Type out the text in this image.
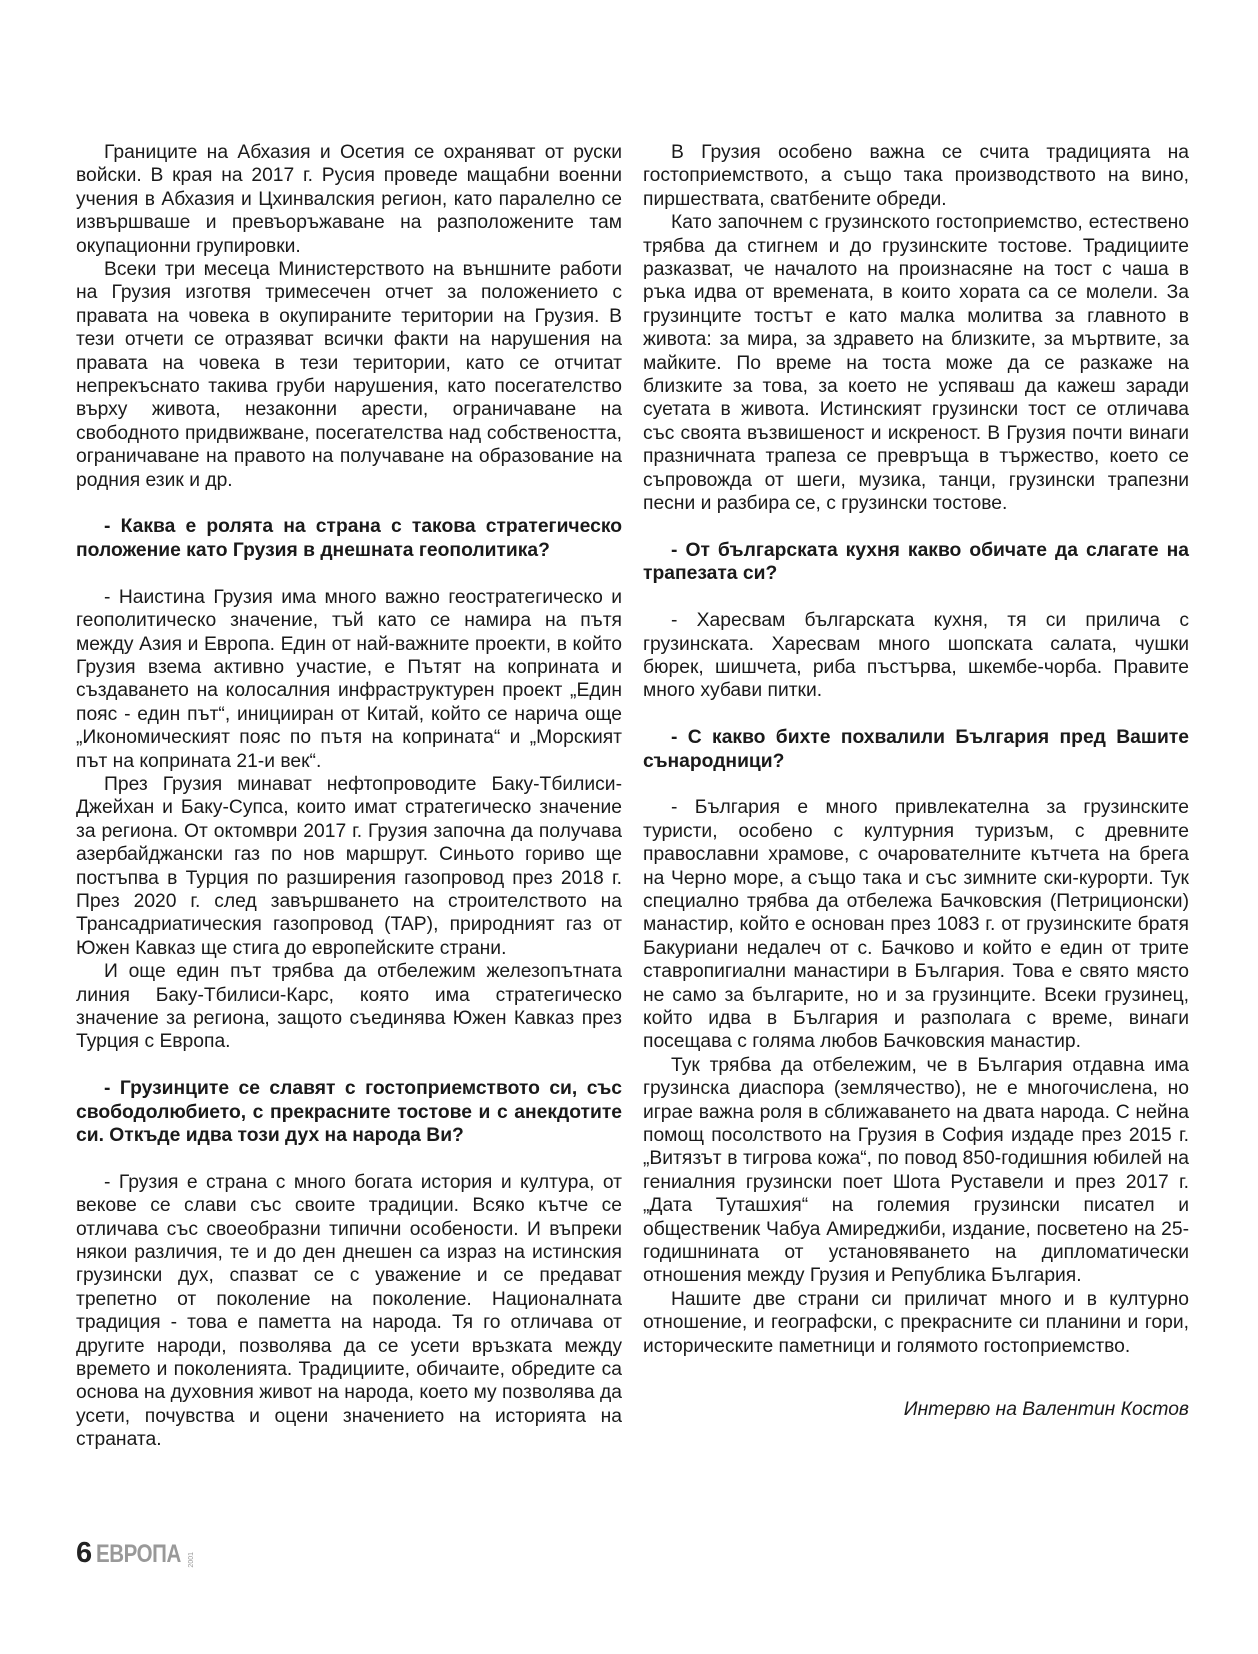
Границите на Абхазия и Осетия се охраняват от руски войски. В края на 2017 г. Русия проведе мащабни военни учения в Абхазия и Цхинвалския регион, като паралелно се извършваше и превъоръжаване на разположените там окупационни групировки.

Всеки три месеца Министерството на външните работи на Грузия изготвя тримесечен отчет за положението с правата на човека в окупираните територии на Грузия. В тези отчети се отразяват всички факти на нарушения на правата на човека в тези територии, като се отчитат непрекъснато такива груби нарушения, като посегателство върху живота, незаконни арести, ограничаване на свободното придвижване, посегателства над собствеността, ограничаване на правото на получаване на образование на родния език и др.

- Каква е ролята на страна с такова стратегическо положение като Грузия в днешната геополитика?

- Наистина Грузия има много важно геостратегическо и геополитическо значение, тъй като се намира на пътя между Азия и Европа. Един от най-важните проекти, в който Грузия взема активно участие, е Пътят на коприната и създаването на колосалния инфраструктурен проект „Един пояс - един път“, иницииран от Китай, който се нарича още „Икономическият пояс по пътя на коприната“ и „Морският път на коприната 21-и век“.

През Грузия минават нефтопроводите Баку-Тбилиси-Джейхан и Баку-Супса, които имат стратегическо значение за региона. От октомври 2017 г. Грузия започна да получава азербайджански газ по нов маршрут. Синьото гориво ще постъпва в Турция по разширения газопровод през 2018 г. През 2020 г. след завършването на строителството на Трансадриатическия газопровод (TAP), природният газ от Южен Кавказ ще стига до европейските страни.

И още един път трябва да отбележим железопътната линия Баку-Тбилиси-Карс, която има стратегическо значение за региона, защото съединява Южен Кавказ през Турция с Европа.

- Грузинците се славят с гостоприемството си, със свободолюбието, с прекрасните тостове и с анекдотите си. Откъде идва този дух на народа Ви?

- Грузия е страна с много богата история и култура, от векове се слави със своите традиции. Всяко кътче се отличава със своеобразни типични особености. И въпреки някои различия, те и до ден днешен са израз на истинския грузински дух, спазват се с уважение и се предават трепетно от поколение на поколение. Националната традиция - това е паметта на народа. Тя го отличава от другите народи, позволява да се усети връзката между времето и поколенията. Традициите, обичаите, обредите са основа на духовния живот на народа, което му позволява да усети, почувства и оцени значението на историята на страната.

В Грузия особено важна се счита традицията на гостоприемството, а също така производството на вино, пиршествата, сватбените обреди.

Като започнем с грузинското гостоприемство, естествено трябва да стигнем и до грузинските тостове. Традициите разказват, че началото на произнасяне на тост с чаша в ръка идва от времената, в които хората са се молели. За грузинците тостът е като малка молитва за главното в живота: за мира, за здравето на близките, за мъртвите, за майките. По време на тоста може да се разкаже на близките за това, за което не успяваш да кажеш заради суетата в живота. Истинският грузински тост се отличава със своята възвишеност и искреност. В Грузия почти винаги празничната трапеза се превръща в тържество, което се съпровожда от шеги, музика, танци, грузински трапезни песни и разбира се, с грузински тостове.

- От българската кухня какво обичате да слагате на трапезата си?

- Харесвам българската кухня, тя си прилича с грузинската. Харесвам много шопската салата, чушки бюрек, шишчета, риба пъстърва, шкембе-чорба. Правите много хубави питки.

- С какво бихте похвалили България пред Вашите сънародници?

- България е много привлекателна за грузинските туристи, особено с културния туризъм, с древните православни храмове, с очарователните кътчета на брега на Черно море, а също така и със зимните ски-курорти. Тук специално трябва да отбележа Бачковския (Петриционски) манастир, който е основан през 1083 г. от грузинските братя Бакуриани недалеч от с. Бачково и който е един от трите ставропигиални манастири в България. Това е свято място не само за българите, но и за грузинците. Всеки грузинец, който идва в България и разполага с време, винаги посещава с голяма любов Бачковския манастир.

Тук трябва да отбележим, че в България отдавна има грузинска диаспора (землячество), не е многочислена, но играе важна роля в сближаването на двата народа. С нейна помощ посолството на Грузия в София издаде през 2015 г. „Витязът в тигрова кожа“, по повод 850-годишния юбилей на гениалния грузински поет Шота Руставели и през 2017 г. „Дата Туташхия“ на големия грузински писател и общественик Чабуа Амиреджиби, издание, посветено на 25-годишнината от установяването на дипломатически отношения между Грузия и Република България.

Нашите две страни си приличат много и в културно отношение, и географски, с прекрасните си планини и гори, историческите паметници и голямото гостоприемство.

Интервю на Валентин Костов

6 ЕВРОПА 2001
